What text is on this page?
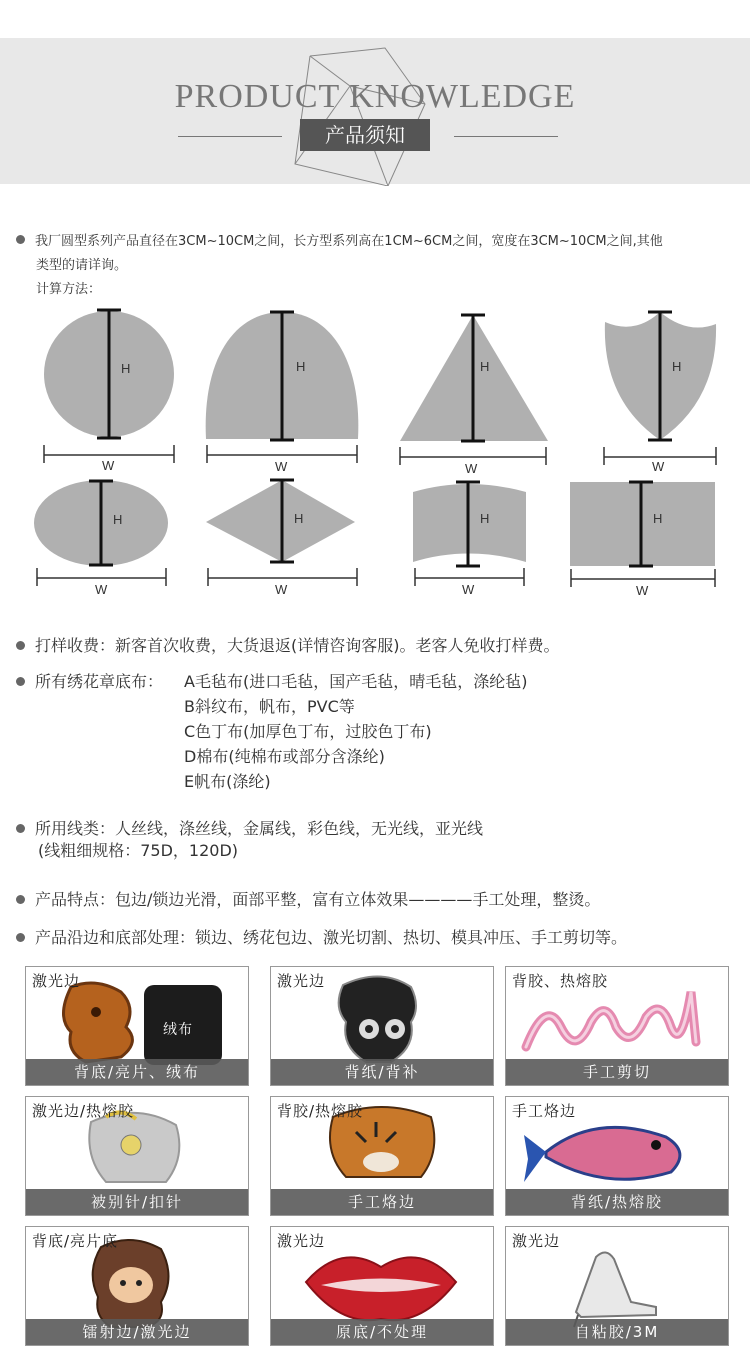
PRODUCT KNOWLEDGE
产品须知
我厂圆型系列产品直径在3CM~10CM之间，长方型系列高在1CM~6CM之间，宽度在3CM~10CM之间,其他
类型的请详询。
计算方法：
H	H	H	H
H	H	H	H
W	W	W	W
W	W	W	W
打样收费：新客首次收费，大货退返(详情咨询客服)。老客人免收打样费。
所有绣花章底布： A毛毡布(进口毛毡，国产毛毡，晴毛毡，涤纶毡)
B斜纹布，帆布，PVC等
C色丁布(加厚色丁布，过胶色丁布)
D棉布(纯棉布或部分含涤纶)
E帆布(涤纶)
所用线类：人丝线，涤丝线，金属线，彩色线，无光线，亚光线
(线粗细规格：75D，120D)
产品特点：包边/锁边光滑，面部平整，富有立体效果————手工处理，整烫。
产品沿边和底部处理：锁边、绣花包边、激光切割、热切、模具冲压、手工剪切等。
绒布
激光边
背底/亮片、绒布
激光边
背纸/背补
背胶、热熔胶
手工剪切
激光边/热熔胶
被别针/扣针
背胶/热熔胶
手工烙边
手工烙边
背纸/热熔胶
背底/亮片底
镭射边/激光边
激光边
原底/不处理
激光边
自粘胶/3M
